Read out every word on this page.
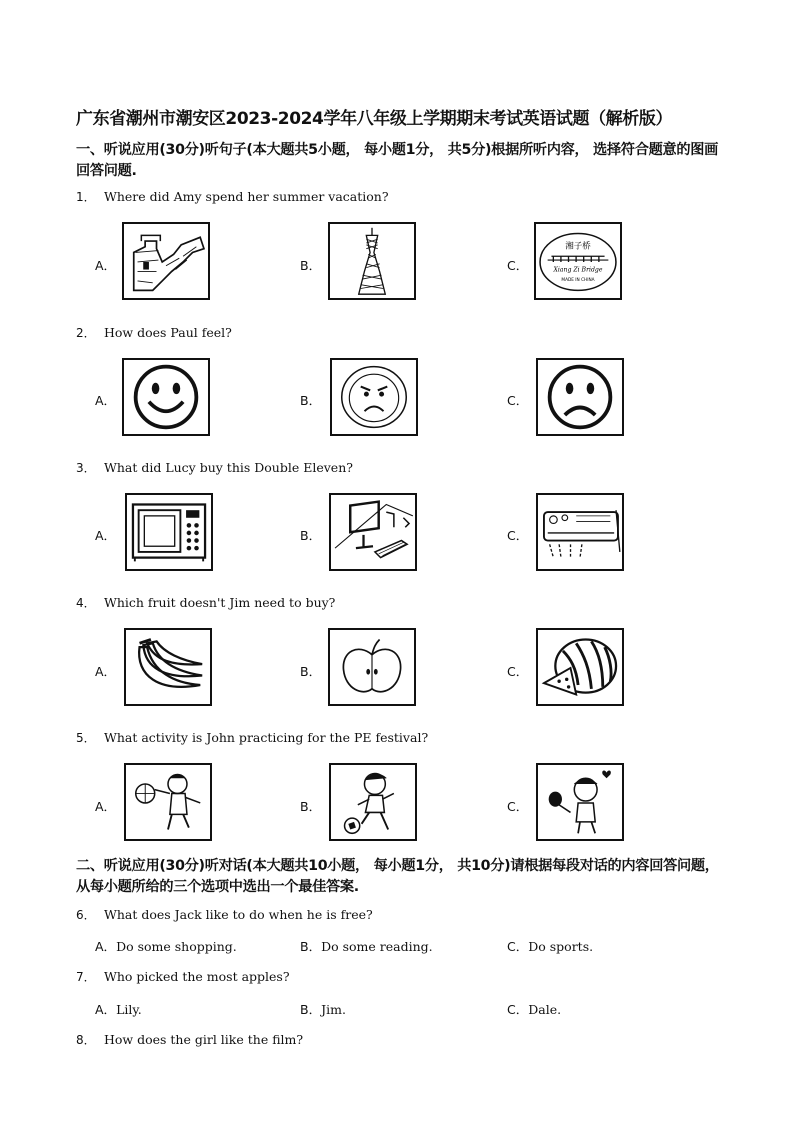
广东省潮州市潮安区2023-2024学年八年级上学期期末考试英语试题（解析版）
一、听说应用(30分)听句子(本大题共5小题， 每小题1分， 共5分)根据所听内容， 选择符合题意的图画回答问题.
1． Where did Amy spend her summer vacation?
A．	B．	C．
湘子桥
Xiang Zi Bridge
MADE IN CHINA
2． How does Paul feel?
A．	B．	C．
3． What did Lucy buy this Double Eleven?
A．	B．	C．
4． Which fruit doesn't Jim need to buy?
A．	B．	C．
5． What activity is John practicing for the PE festival?
A．	B．	C．
二、听说应用(30分)听对话(本大题共10小题， 每小题1分， 共10分)请根据每段对话的内容回答问题，从每小题所给的三个选项中选出一个最佳答案.
6． What does Jack like to do when he is free?
A．Do some shopping.	B．Do some reading.	C．Do sports.
7． Who picked the most apples?
A．Lily.	B．Jim.	C．Dale.
8． How does the girl like the film?
